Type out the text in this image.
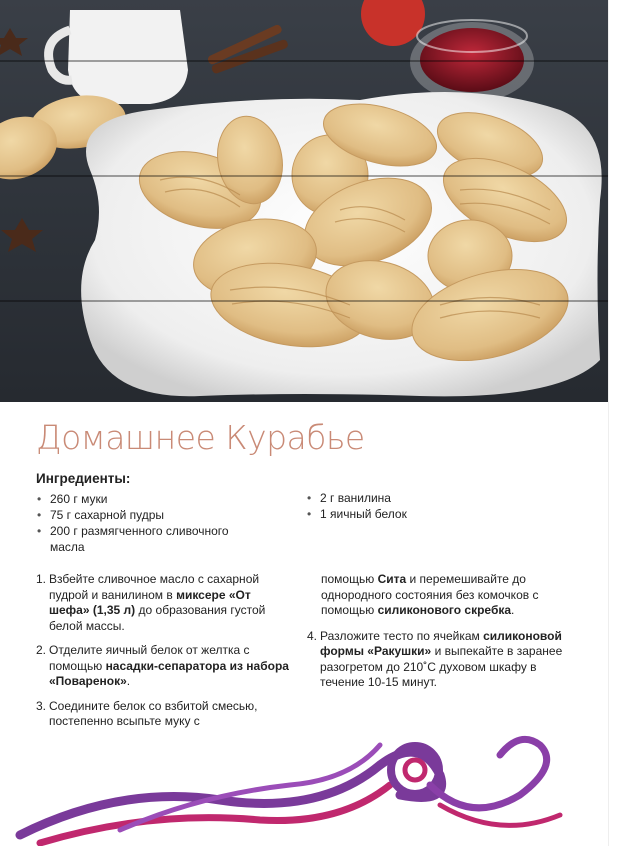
Домашнее Курабье
Ингредиенты:
• 260 г муки
• 75 г сахарной пудры
• 200 г размягченного сливочного масла
• 2 г ванилина
• 1 яичный белок
1. Взбейте сливочное масло с сахарной пудрой и ванилином в миксере «От шефа» (1,35 л) до образования густой белой массы.
2. Отделите яичный белок от желтка с помощью насадки-сепаратора из набора «Поваренок».
3. Соедините белок со взбитой смесью, постепенно всыпьте муку с
помощью Сита и перемешивайте до однородного состояния без комочков с помощью силиконового скребка.
4. Разложите тесто по ячейкам силиконовой формы «Ракушки» и выпекайте в заранее разогретом до 210˚С духовом шкафу в течение 10-15 минут.
